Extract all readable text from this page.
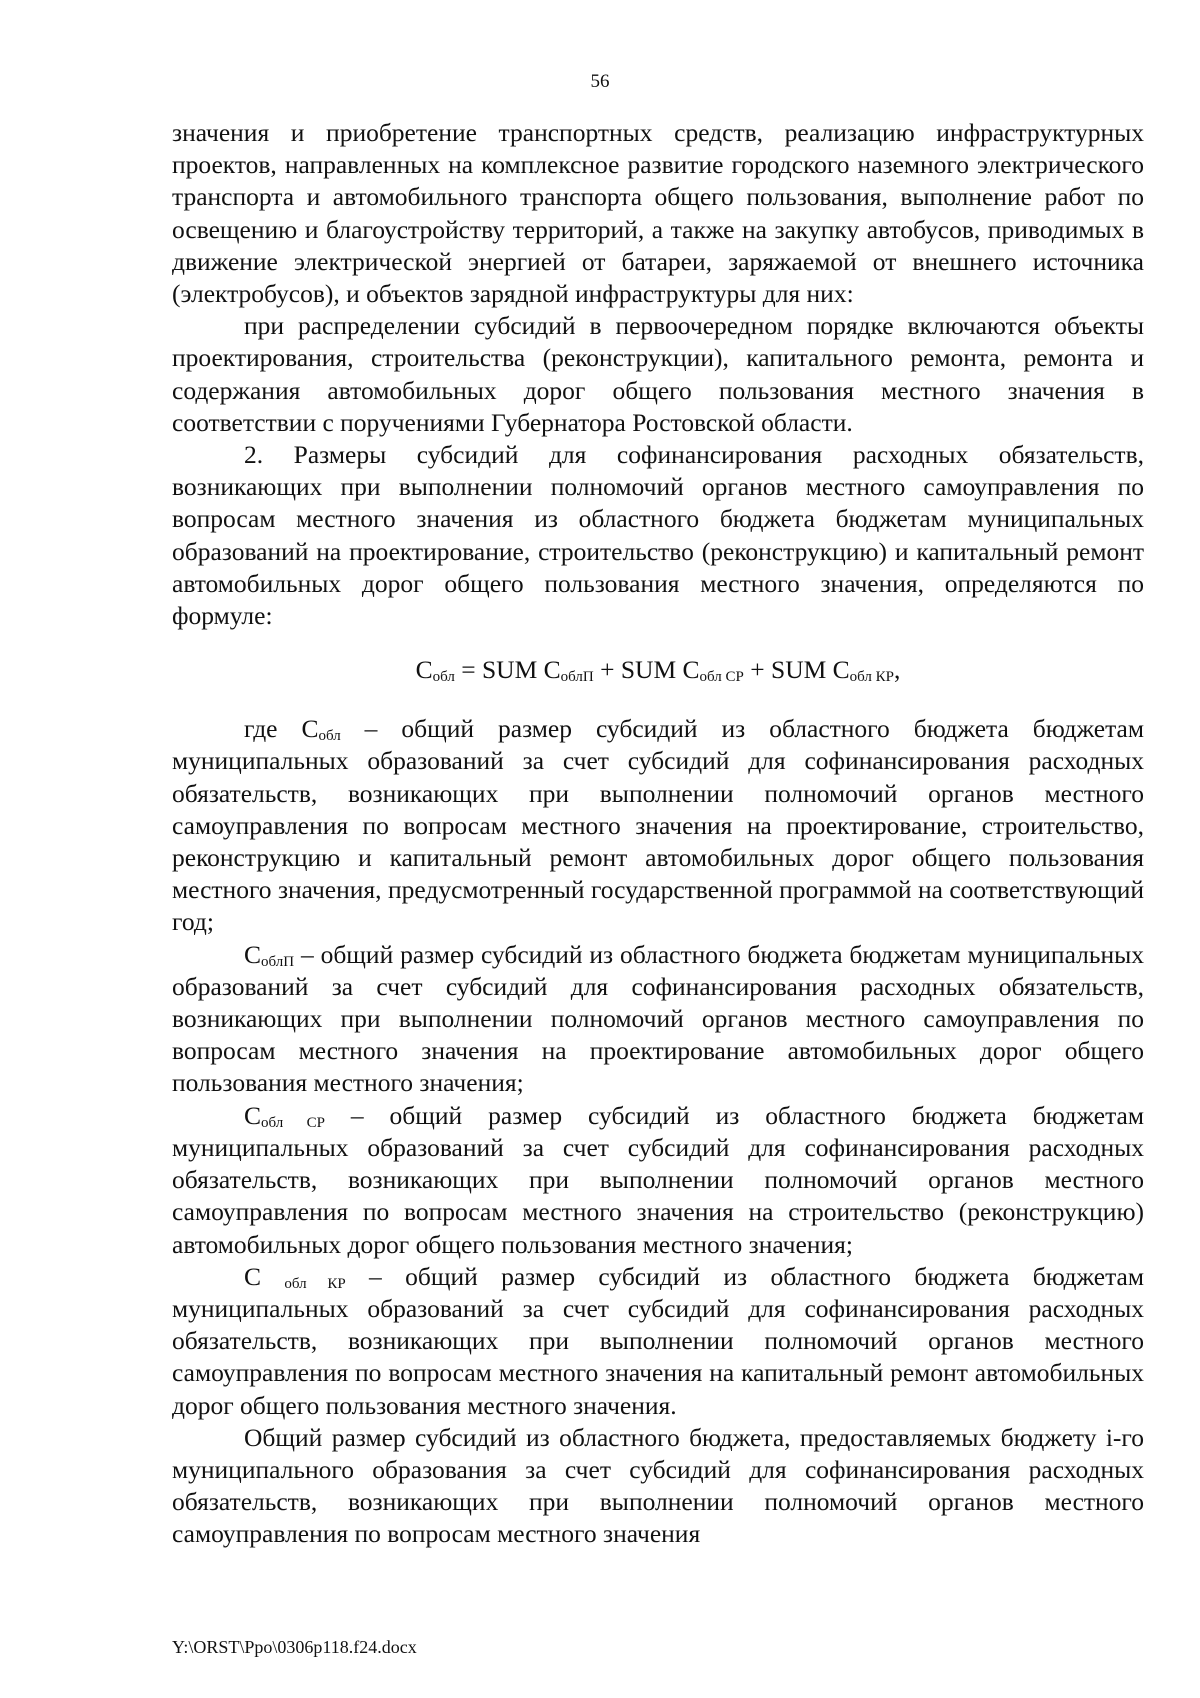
56

значения и приобретение транспортных средств, реализацию инфраструктурных проектов, направленных на комплексное развитие городского наземного электрического транспорта и автомобильного транспорта общего пользования, выполнение работ по освещению и благоустройству территорий, а также на закупку автобусов, приводимых в движение электрической энергией от батареи, заряжаемой от внешнего источника (электробусов), и объектов зарядной инфраструктуры для них:

при распределении субсидий в первоочередном порядке включаются объекты проектирования, строительства (реконструкции), капитального ремонта, ремонта и содержания автомобильных дорог общего пользования местного значения в соответствии с поручениями Губернатора Ростовской области.

2. Размеры субсидий для софинансирования расходных обязательств, возникающих при выполнении полномочий органов местного самоуправления по вопросам местного значения из областного бюджета бюджетам муниципальных образований на проектирование, строительство (реконструкцию) и капитальный ремонт автомобильных дорог общего пользования местного значения, определяются по формуле:

$С_{обл}$ = SUM $С_{облП}$ + SUM $С_{обл СР}$ + SUM $С_{обл КР}$,

где $С_{обл}$ – общий размер субсидий из областного бюджета бюджетам муниципальных образований за счет субсидий для софинансирования расходных обязательств, возникающих при выполнении полномочий органов местного самоуправления по вопросам местного значения на проектирование, строительство, реконструкцию и капитальный ремонт автомобильных дорог общего пользования местного значения, предусмотренный государственной программой на соответствующий год;

$С_{облП}$ – общий размер субсидий из областного бюджета бюджетам муниципальных образований за счет субсидий для софинансирования расходных обязательств, возникающих при выполнении полномочий органов местного самоуправления по вопросам местного значения на проектирование автомобильных дорог общего пользования местного значения;

$С_{обл СР}$ – общий размер субсидий из областного бюджета бюджетам муниципальных образований за счет субсидий для софинансирования расходных обязательств, возникающих при выполнении полномочий органов местного самоуправления по вопросам местного значения на строительство (реконструкцию) автомобильных дорог общего пользования местного значения;

С $_{обл КР}$ – общий размер субсидий из областного бюджета бюджетам муниципальных образований за счет субсидий для софинансирования расходных обязательств, возникающих при выполнении полномочий органов местного самоуправления по вопросам местного значения на капитальный ремонт автомобильных дорог общего пользования местного значения.

Общий размер субсидий из областного бюджета, предоставляемых бюджету i-го муниципального образования за счет субсидий для софинансирования расходных обязательств, возникающих при выполнении полномочий органов местного самоуправления по вопросам местного значения

Y:\ORST\Ppo\0306p118.f24.docx
